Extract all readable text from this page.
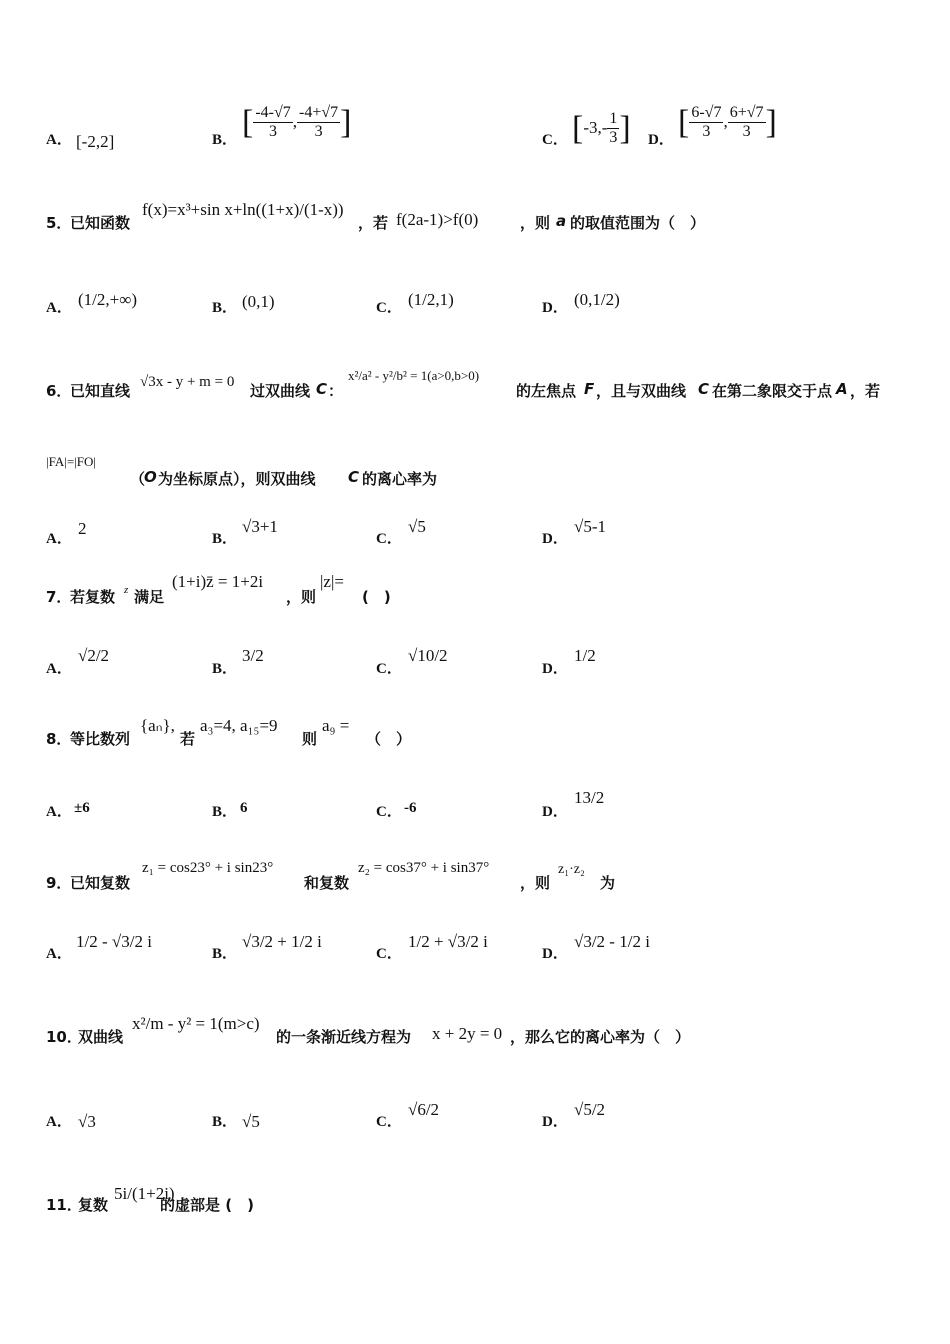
A． [-2,2]	B． [ $\frac{-4-√7}{3}$ , $\frac{-4+√7}{3}$ ]	C． [$-3,- \frac{1}{3}$ ] D． [ $\frac{6-√7}{3}$ , $\frac{6+√7}{3}$ ]
5．
已知函数
f(x)=x³+sin x+ln((1+x)/(1-x))
，若 f(2a-1)>f(0)	，则 a 的取值范围为（　）
A． (1/2,+∞)	B． (0,1)	C． (1/2,1)	D． (0,1/2)
6．
已知直线 √3x - y + m = 0 过双曲线 C ：
x²/a² - y²/b² = 1(a>0,b>0)
的左焦点 F ，且与双曲线 C 在第二象限交于点 A ，若
|FA|=|FO|
（
O 为坐标原点），则双曲线 C 的离心率为
A．
2
B．
√3+1
C．
√5
D．
√5-1
7．
若复数 z 满足
(1+i)z̄ = 1+2i
，则
|z|=
(　)
A．
√2/2
B．
3/2
C．
√10/2
D．
1/2
8．
等比数列
{aₙ},
若
a₃=4, a₁₅=9
则
a₉ =
（　）
A． ±6	B． 6	C． -6	D．
13/2
9．
已知复数
z₁ = cos23° + i sin23°
和复数
z₂ = cos37° + i sin37°
，则
z₁·z₂
为
A．
1/2 - √3/2 i
B．
√3/2 + 1/2 i
C．
1/2 + √3/2 i
D．
√3/2 - 1/2 i
10．
双曲线
x²/m - y² = 1(m>c)
的一条渐近线方程为 x + 2y = 0 ，那么它的离心率为（　）
A． √3	B． √5	C．
√6/2
D．
√5/2
11．
复数
5i/(1+2i)
的虚部是 (　)
